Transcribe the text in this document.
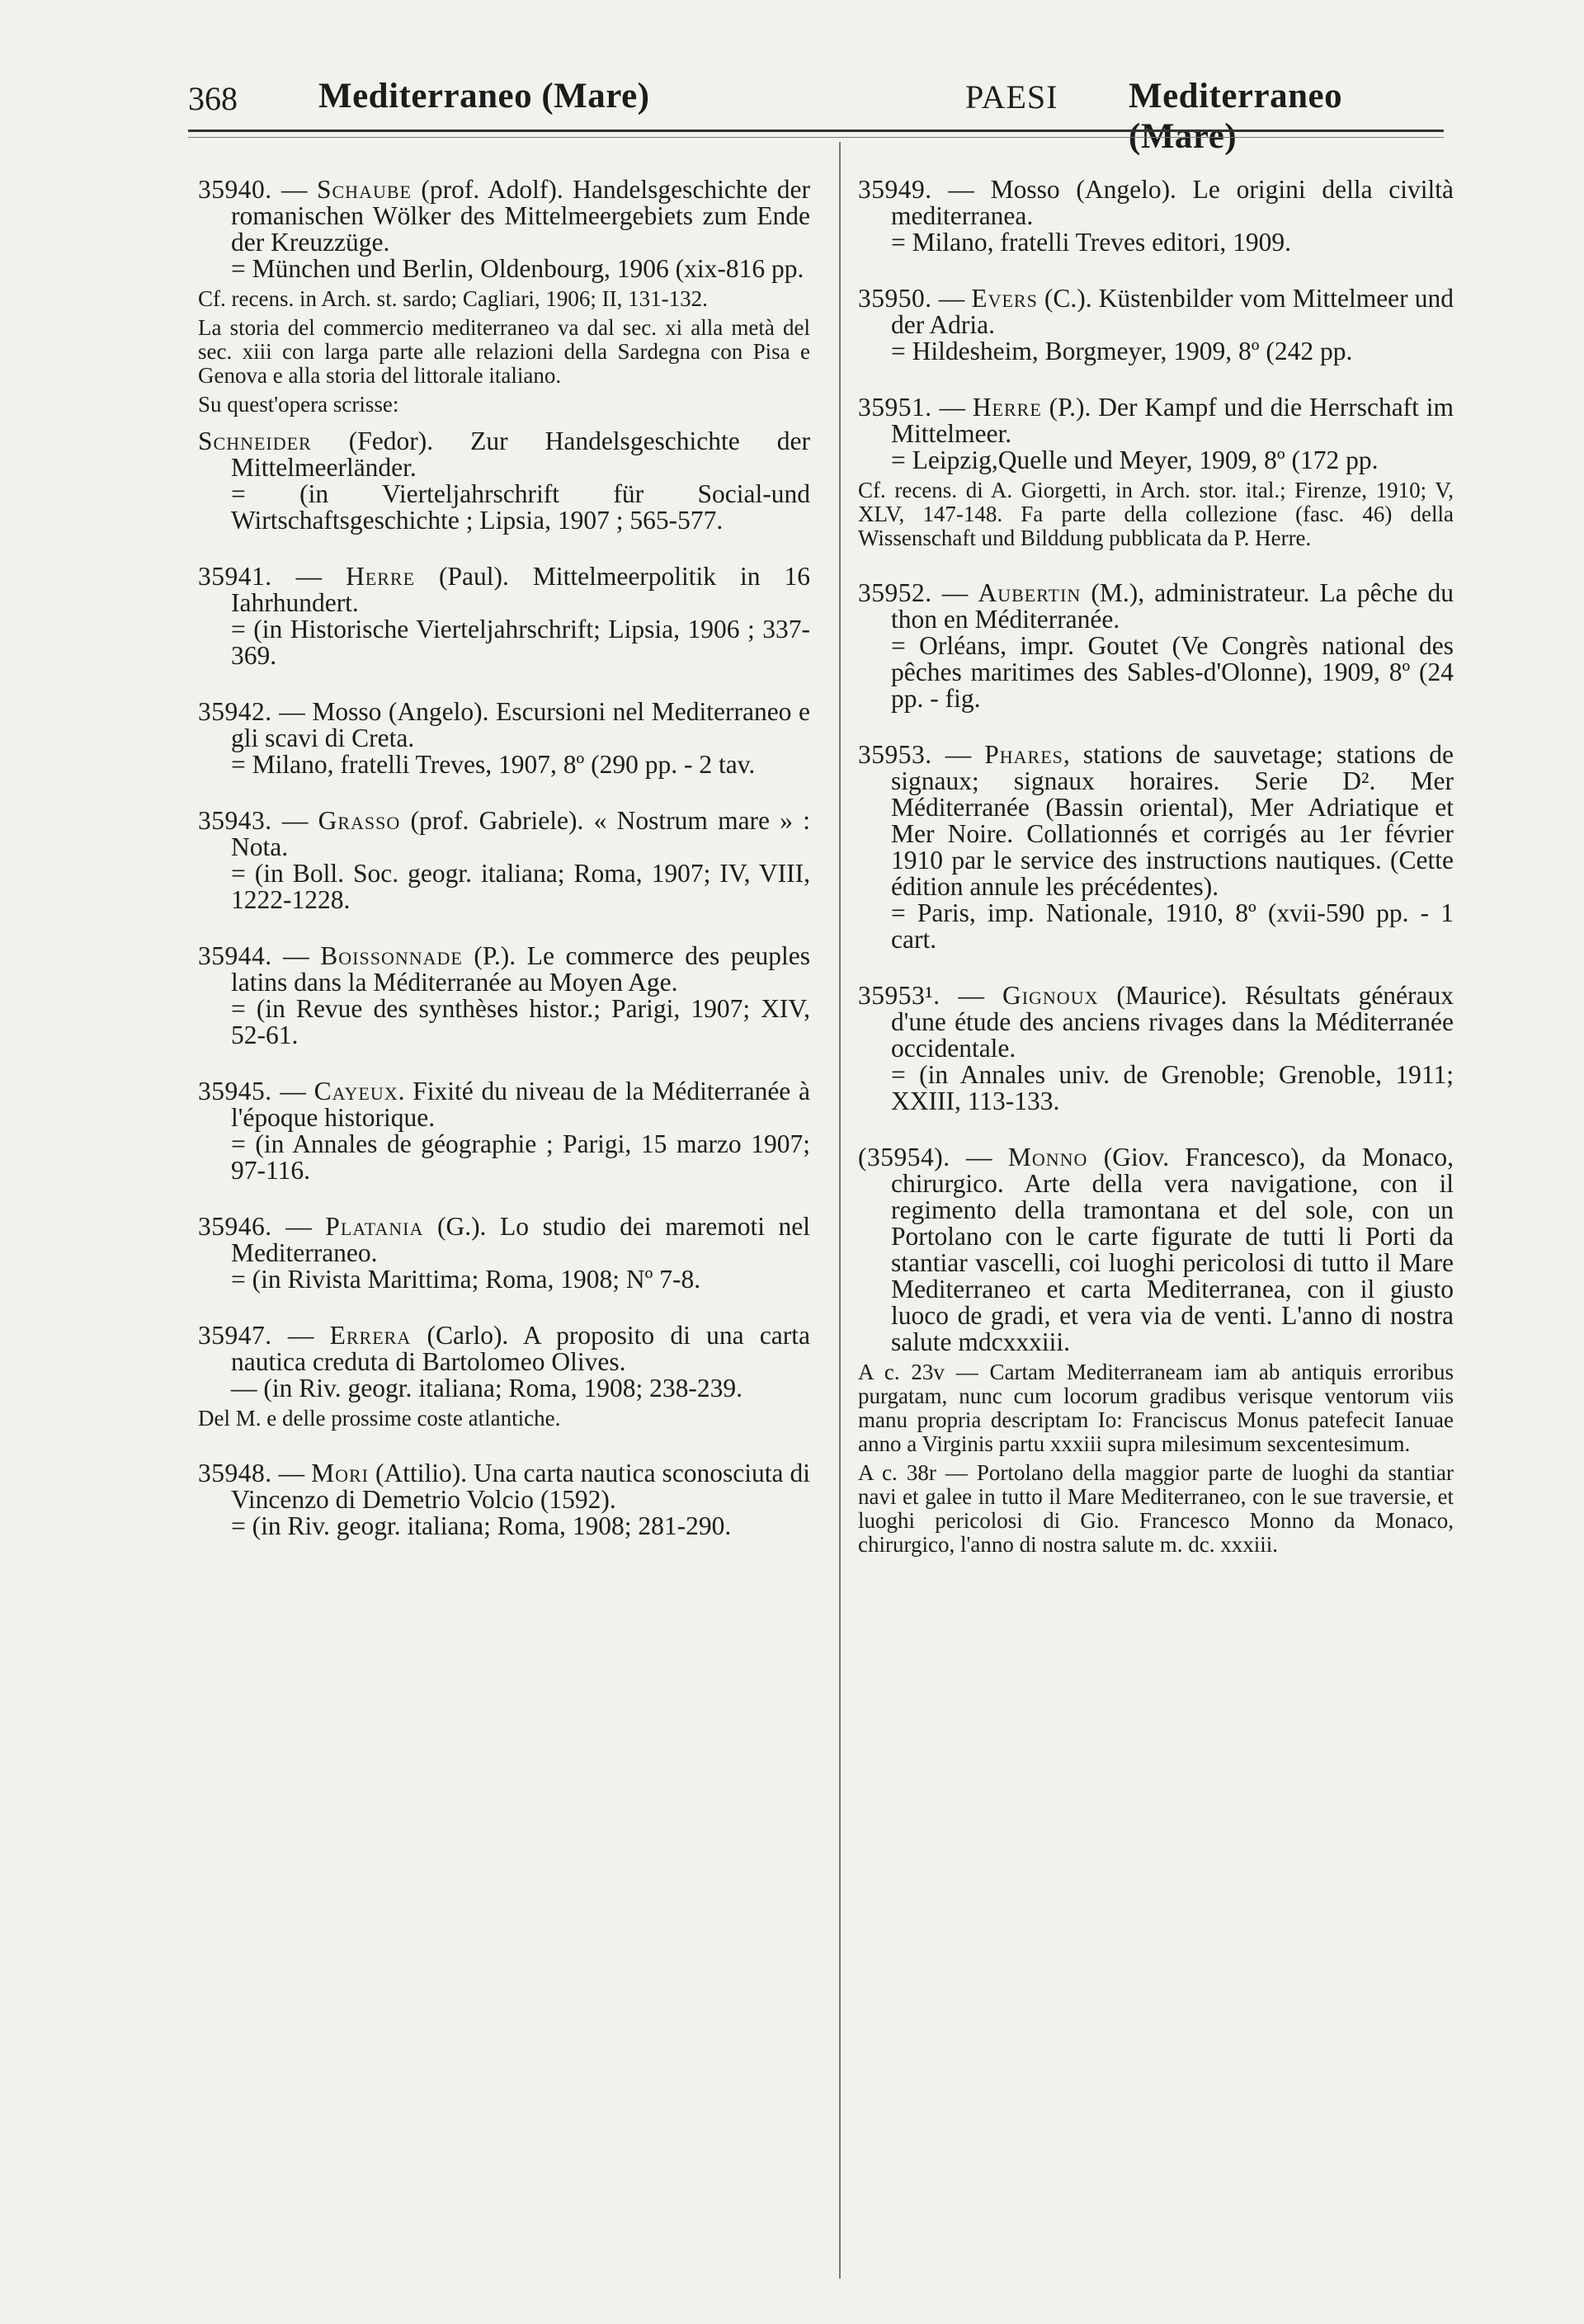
368 Mediterraneo (Mare)	PAESI Mediterraneo (Mare)
35940. — Schaube (prof. Adolf). Handelsgeschichte der romanischen Wölker des Mittelmeergebiets zum Ende der Kreuzzüge.
= München und Berlin, Oldenbourg, 1906 (xix-816 pp.
Cf. recens. in Arch. st. sardo; Cagliari, 1906; II, 131-132.
La storia del commercio mediterraneo va dal sec. xi alla metà del sec. xiii con larga parte alle relazioni della Sardegna con Pisa e Genova e alla storia del littorale italiano.
Su quest'opera scrisse:
Schneider (Fedor). Zur Handelsgeschichte der Mittelmeerländer.
= (in Vierteljahrschrift für Social-und Wirtschaftsgeschichte ; Lipsia, 1907 ; 565-577.
35941. — Herre (Paul). Mittelmeerpolitik in 16 Iahrhundert.
= (in Historische Vierteljahrschrift; Lipsia, 1906 ; 337-369.
35942. — Mosso (Angelo). Escursioni nel Mediterraneo e gli scavi di Creta.
= Milano, fratelli Treves, 1907, 8º (290 pp. - 2 tav.
35943. — Grasso (prof. Gabriele). « Nostrum mare » : Nota.
= (in Boll. Soc. geogr. italiana; Roma, 1907; IV, VIII, 1222-1228.
35944. — Boissonnade (P.). Le commerce des peuples latins dans la Méditerranée au Moyen Age.
= (in Revue des synthèses histor.; Parigi, 1907; XIV, 52-61.
35945. — Cayeux. Fixité du niveau de la Méditerranée à l'époque historique.
= (in Annales de géographie ; Parigi, 15 marzo 1907; 97-116.
35946. — Platania (G.). Lo studio dei maremoti nel Mediterraneo.
= (in Rivista Marittima; Roma, 1908; Nº 7-8.
35947. — Errera (Carlo). A proposito di una carta nautica creduta di Bartolomeo Olives.
— (in Riv. geogr. italiana; Roma, 1908; 238-239.
Del M. e delle prossime coste atlantiche.
35948. — Mori (Attilio). Una carta nautica sconosciuta di Vincenzo di Demetrio Volcio (1592).
= (in Riv. geogr. italiana; Roma, 1908; 281-290.
35949. — Mosso (Angelo). Le origini della civiltà mediterranea.
= Milano, fratelli Treves editori, 1909.
35950. — Evers (C.). Küstenbilder vom Mittelmeer und der Adria.
= Hildesheim, Borgmeyer, 1909, 8º (242 pp.
35951. — Herre (P.). Der Kampf und die Herrschaft im Mittelmeer.
= Leipzig,Quelle und Meyer, 1909, 8º (172 pp.
Cf. recens. di A. Giorgetti, in Arch. stor. ital.; Firenze, 1910; V, XLV, 147-148. Fa parte della collezione (fasc. 46) della Wissenschaft und Bilddung pubblicata da P. Herre.
35952. — Aubertin (M.), administrateur. La pêche du thon en Méditerranée.
= Orléans, impr. Goutet (Ve Congrès national des pêches maritimes des Sables-d'Olonne), 1909, 8º (24 pp. - fig.
35953. — Phares, stations de sauvetage; stations de signaux; signaux horaires. Serie D². Mer Méditerranée (Bassin oriental), Mer Adriatique et Mer Noire. Collationnés et corrigés au 1er février 1910 par le service des instructions nautiques. (Cette édition annule les précédentes).
= Paris, imp. Nationale, 1910, 8º (xvii-590 pp. - 1 cart.
35953¹. — Gignoux (Maurice). Résultats généraux d'une étude des anciens rivages dans la Méditerranée occidentale.
= (in Annales univ. de Grenoble; Grenoble, 1911; XXIII, 113-133.
(35954). — Monno (Giov. Francesco), da Monaco, chirurgico. Arte della vera navigatione, con il regimento della tramontana et del sole, con un Portolano con le carte figurate de tutti li Porti da stantiar vascelli, coi luoghi pericolosi di tutto il Mare Mediterraneo et carta Mediterranea, con il giusto luoco de gradi, et vera via de venti. L'anno di nostra salute mdcxxxiii.
A c. 23v — Cartam Mediterraneam iam ab antiquis erroribus purgatam, nunc cum locorum gradibus verisque ventorum viis manu propria descriptam Io: Franciscus Monus patefecit Ianuae anno a Virginis partu xxxiii supra milesimum sexcentesimum.
A c. 38r — Portolano della maggior parte de luoghi da stantiar navi et galee in tutto il Mare Mediterraneo, con le sue traversie, et luoghi pericolosi di Gio. Francesco Monno da Monaco, chirurgico, l'anno di nostra salute m. dc. xxxiii.
